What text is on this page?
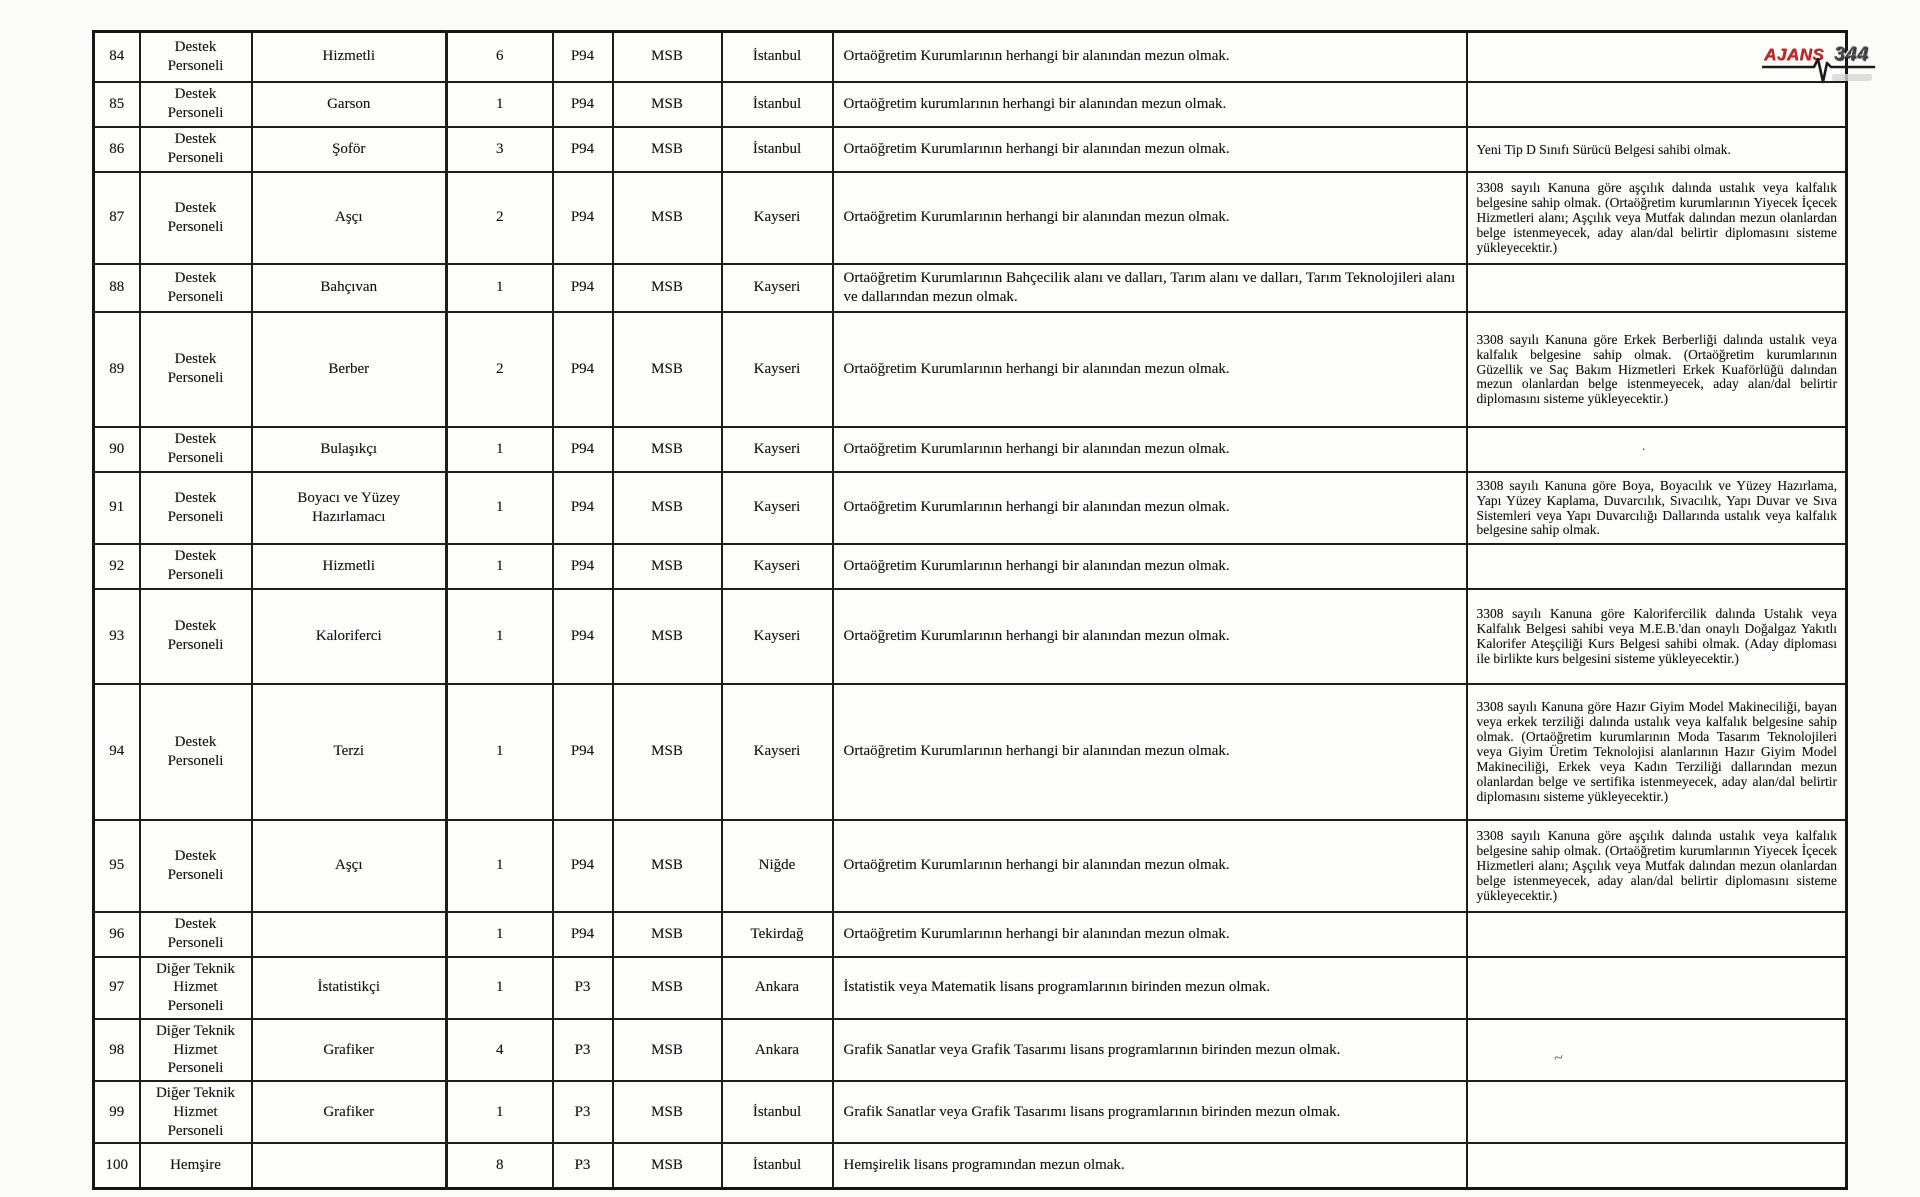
84	Destek Personeli	Hizmetli	6	P94	MSB	İstanbul	Ortaöğretim Kurumlarının herhangi bir alanından mezun olmak.	
85	Destek Personeli	Garson	1	P94	MSB	İstanbul	Ortaöğretim kurumlarının herhangi bir alanından mezun olmak.	
86	Destek Personeli	Şoför	3	P94	MSB	İstanbul	Ortaöğretim Kurumlarının herhangi bir alanından mezun olmak.	Yeni Tip D Sınıfı Sürücü Belgesi sahibi olmak.
87	Destek Personeli	Aşçı	2	P94	MSB	Kayseri	Ortaöğretim Kurumlarının herhangi bir alanından mezun olmak.	3308 sayılı Kanuna göre aşçılık dalında ustalık veya kalfalık belgesine sahip olmak. (Ortaöğretim kurumlarının Yiyecek İçecek Hizmetleri alanı; Aşçılık veya Mutfak dalından mezun olanlardan belge istenmeyecek, aday alan/dal belirtir diplomasını sisteme yükleyecektir.)
88	Destek Personeli	Bahçıvan	1	P94	MSB	Kayseri	Ortaöğretim Kurumlarının Bahçecilik alanı ve dalları, Tarım alanı ve dalları, Tarım Teknolojileri alanı ve dallarından mezun olmak.	
89	Destek Personeli	Berber	2	P94	MSB	Kayseri	Ortaöğretim Kurumlarının herhangi bir alanından mezun olmak.	3308 sayılı Kanuna göre Erkek Berberliği dalında ustalık veya kalfalık belgesine sahip olmak. (Ortaöğretim kurumlarının Güzellik ve Saç Bakım Hizmetleri Erkek Kuaförlüğü dalından mezun olanlardan belge istenmeyecek, aday alan/dal belirtir diplomasını sisteme yükleyecektir.)
90	Destek Personeli	Bulaşıkçı	1	P94	MSB	Kayseri	Ortaöğretim Kurumlarının herhangi bir alanından mezun olmak.	
91	Destek Personeli	Boyacı ve Yüzey Hazırlamacı	1	P94	MSB	Kayseri	Ortaöğretim Kurumlarının herhangi bir alanından mezun olmak.	3308 sayılı Kanuna göre Boya, Boyacılık ve Yüzey Hazırlama, Yapı Yüzey Kaplama, Duvarcılık, Sıvacılık, Yapı Duvar ve Sıva Sistemleri veya Yapı Duvarcılığı Dallarında ustalık veya kalfalık belgesine sahip olmak.
92	Destek Personeli	Hizmetli	1	P94	MSB	Kayseri	Ortaöğretim Kurumlarının herhangi bir alanından mezun olmak.	
93	Destek Personeli	Kaloriferci	1	P94	MSB	Kayseri	Ortaöğretim Kurumlarının herhangi bir alanından mezun olmak.	3308 sayılı Kanuna göre Kalorifercilik dalında Ustalık veya Kalfalık Belgesi sahibi veya M.E.B.'dan onaylı Doğalgaz Yakıtlı Kalorifer Ateşçiliği Kurs Belgesi sahibi olmak. (Aday diploması ile birlikte kurs belgesini sisteme yükleyecektir.)
94	Destek Personeli	Terzi	1	P94	MSB	Kayseri	Ortaöğretim Kurumlarının herhangi bir alanından mezun olmak.	3308 sayılı Kanuna göre Hazır Giyim Model Makineciliği, bayan veya erkek terziliği dalında ustalık veya kalfalık belgesine sahip olmak. (Ortaöğretim kurumlarının Moda Tasarım Teknolojileri veya Giyim Üretim Teknolojisi alanlarının Hazır Giyim Model Makineciliği, Erkek veya Kadın Terziliği dallarından mezun olanlardan belge ve sertifika istenmeyecek, aday alan/dal belirtir diplomasını sisteme yükleyecektir.)
95	Destek Personeli	Aşçı	1	P94	MSB	Niğde	Ortaöğretim Kurumlarının herhangi bir alanından mezun olmak.	3308 sayılı Kanuna göre aşçılık dalında ustalık veya kalfalık belgesine sahip olmak. (Ortaöğretim kurumlarının Yiyecek İçecek Hizmetleri alanı; Aşçılık veya Mutfak dalından mezun olanlardan belge istenmeyecek, aday alan/dal belirtir diplomasını sisteme yükleyecektir.)
96	Destek Personeli		1	P94	MSB	Tekirdağ	Ortaöğretim Kurumlarının herhangi bir alanından mezun olmak.	
97	Diğer Teknik Hizmet Personeli	İstatistikçi	1	P3	MSB	Ankara	İstatistik veya Matematik lisans programlarının birinden mezun olmak.	
98	Diğer Teknik Hizmet Personeli	Grafiker	4	P3	MSB	Ankara	Grafik Sanatlar veya Grafik Tasarımı lisans programlarının birinden mezun olmak.	
99	Diğer Teknik Hizmet Personeli	Grafiker	1	P3	MSB	İstanbul	Grafik Sanatlar veya Grafik Tasarımı lisans programlarının birinden mezun olmak.	
100	Hemşire		8	P3	MSB	İstanbul	Hemşirelik lisans programından mezun olmak.	
AJANS 344
.
~
